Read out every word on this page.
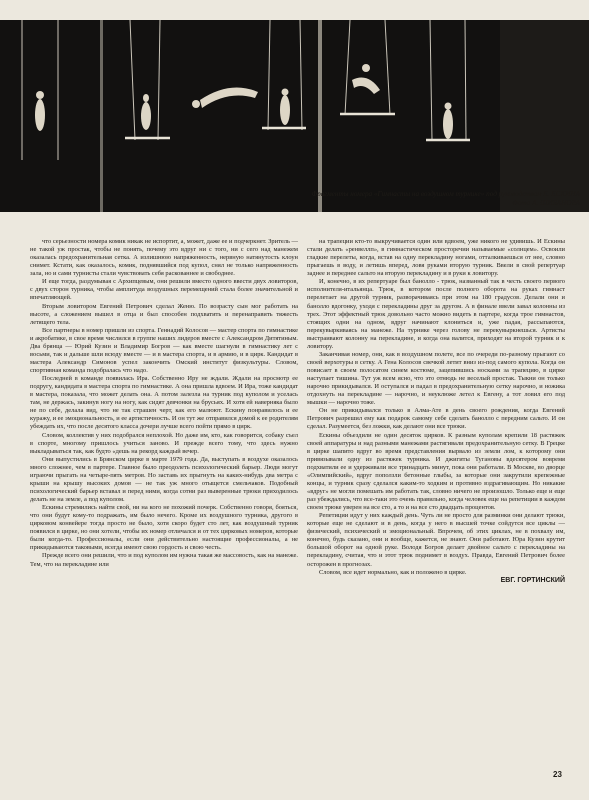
Фрагменты номера «Гимнасты на воздушном турнике» под руководством Е. ЕСКИНА
Фото А. ШИБАНОВА

что серьезности номера комик никак не испортит, а, может, даже ее и подчеркнет. Зритель — не такой уж простак, чтобы не понять, почему это вдруг ни с того, ни с сего над манежем оказалась предохранительная сетка. А излишнюю напряженность, нервную натянутость клоун снимет. Кстати, как оказалось, комик, поднявшийся под купол, снял не только напряженность зала, но и сами турнисты стали чувствовать себя раскованнее и свободнее.

И еще тогда, раздумывая с Архипцевым, они решили вместо одного ввести двух ловиторов, с двух сторон турника, чтобы амплитуда воздушных перемещений стала более значительной и впечатляющей.

Вторым ловитором Евгений Петрович сделал Женю. По возрасту сын мог работать на высоте, а сложением вышел в отца и был способен подхватить и перенаправить тяжесть летящего тела.

Все партнеры в номер пришли из спорта. Геннадий Колосов — мастер спорта по гимнастике и акробатике, в свое время числился в группе наших лидеров вместе с Александром Дитятиным. Два брянца — Юрий Кузин и Владимир Богров — как вместе шагнули в гимнастику лет с восьми, так и дальше шли всюду вместе — и в мастера спорта, и в армию, и в цирк. Кандидат в мастера Александр Симонов успел закончить Омский институт физкультуры. Словом, спортивная команда подобралась что надо.

Последней в команде появилась Ира. Собственно Иру не ждали. Ждали на просмотр ее подругу, кандидата в мастера спорта по гимнастике. А она пришла вдвоем. И Ира, тоже кандидат в мастера, показала, что может делать она. А потом залезла на турник под куполом и уселась там, не держась, закинув ногу на ногу, как сидят девчонки на брусьях. И хотя ей наверняка было не по себе, делала вид, что не так страшен черт, как его малюют. Ескину понравилось и ее куражу, и ее эмоциональность, и ее артистичность. И он тут же отправился домой к ее родителям убеждать их, что после десятого класса дочери лучше всего пойти прямо в цирк.

Словом, коллектив у них подобрался неплохой. Но даже им, кто, как говорится, собаку съел в спорте, многому пришлось учиться заново. И прежде всего тому, что здесь нужно выкладываться так, как будто «дешь на рекорд каждый вечер.

Они выпустились в Брянском цирке в марте 1979 года. Да, выступать в воздухе оказалось много сложнее, чем в партере. Главное было преодолеть психологический барьер. Люди могут играючи прыгать на четыре-пять метров. Но заставь их прыгнуть на каких-нибудь два метра с крыши на крышу высоких домов — не так уж много отыщется смельчаков. Подобный психологический барьер вставал и перед ними, когда сотни раз выверенные трюки приходилось делать не на земле, а под куполом.

Ескины стремились найти свой, ни на кого не похожий почерк. Собственно говоря, бояться, что они будут кому-то подражать, им было нечего. Кроме их воздушного турника, другого в цирковом конвейере тогда просто не было, хотя скоро будет сто лет, как воздушный турник появился в цирке, но они хотели, чтобы их номер отличался и от тех цирковых номеров, которые были когда-то. Профессионалы, если они действительно настоящие профессионалы, а не прикидываются таковыми, всегда имеют свою гордость и свою честь.

Прежде всего они решили, что и под куполом им нужна такая же массовость, как на манеже. Тем, что на перекладине или

на трапеции кто-то выкручивается один или вдвоем, уже никого не удивишь. И Ескины стали делать «ренвеллп», в гимнастическом просторечии называемые «солнцем». Освоили гладкие перелеты, когда, встав на одну перекладину ногами, отталкиваешься от нее, словно прыгаешь в воду, и летишь вперед, ловя руками вторую турник. Ввели в свой репертуар заднее и переднее сальто на вторую перекладину и в руки к ловитору.

И, конечно, в их репертуаре был банолло - трюк, названный так в честь своего первого исполнителя-итальянца. Трюк, в котором после полного оборота на руках гимнаст перелетает на другой турник, разворачиваясь при этом на 180 градусов. Делали они и банолло вдогонку, уходя с перекладины друг за другом. А в финале ввели завал колонны из трех. Этот эффектный трюк довольно часто можно видеть в партере, когда трое гимнастов, стоящих одни на одном, вдруг начинают клониться и, уже падая, рассыпаются, перекувыркиваясь на манеже. На турнике через голову не перекувыркнешься. Артисты выстраивают колонну на перекладине, и когда она валится, приходят на второй турник и к ловитору.

Заканчивая номер, они, как в воздушном полете, все по очереди по-разному прыгают со своей верхотуры в сетку. А Гена Колосов свечкой летит вниз из-под самого купола. Когда он повисает в своем полосатом синем костюме, зацепившись носками за трапецию, в цирке наступает тишина. Тут уж всем ясно, что это отнюдь не веселый простак. Тыкни он только нарочно прикидывался. И оступался и падал в предохранительную сетку нарочно, и ножика отдохнуть на перекладине — нарочно, и неуклюже летел к Евгену, а тот ловил его под мышки — нарочно тоже.

Он не прикидывался только в Алма-Ате в день своего рождения, когда Евгений Петрович разрешил ему как подарок самому себе сделать банолло с передним сальто. И он сделал. Разумеется, без ложки, как делают они все трюки.

Ескины объездили не один десяток цирков. К разным куполам крепили 18 растяжек своей аппаратуры и над разными манежами растягивали предохранительную сетку. В Грецке в цирке шапито вдруг во время представления вырвало из земли лом, к которому они привязывали одну из растяжек турника. И джигиты Тугановы вдесятером вовремя подхватили ее и удерживали все тринадцать минут, пока они работали. В Москве, во дворце «Олимпийский», вдруг поползли бетонные глыбы, за которые они закрутили крепежные концы, и турник сразу сделался каким-то ходким и противно вздрагивающим. Но никакие «вдруг» не могли помешать им работать так, словно ничего не произошло. Только еще и еще раз убеждались, что все-таки это очень правильно, когда человек еще на репетиции в каждом своем трюке уверен на все сто, а то и на все сто двадцать процентов.

Репетиции идут у них каждый день. Чуть ли не просто для разминки они делают трюки, которые еще не сделают и в день, когда у него в высшей точке сойдутся все циклы — физический, психический и эмоциональный. Впрочем, об этих циклах, не в похвалу им, конечно, будь сказано, они и вообще, кажется, не знают. Они работают. Юра Кузин крутит большой оборот на одной руке. Володя Богров делает двойное сальто с перекладины на перекладину, считая, что и этот трюк поднимет в воздух. Правда, Евгений Петрович более осторожен в прогнозах.

Словом, все идет нормально, как и положено в цирке.

ЕВГ. ГОРТИНСКИЙ
23
